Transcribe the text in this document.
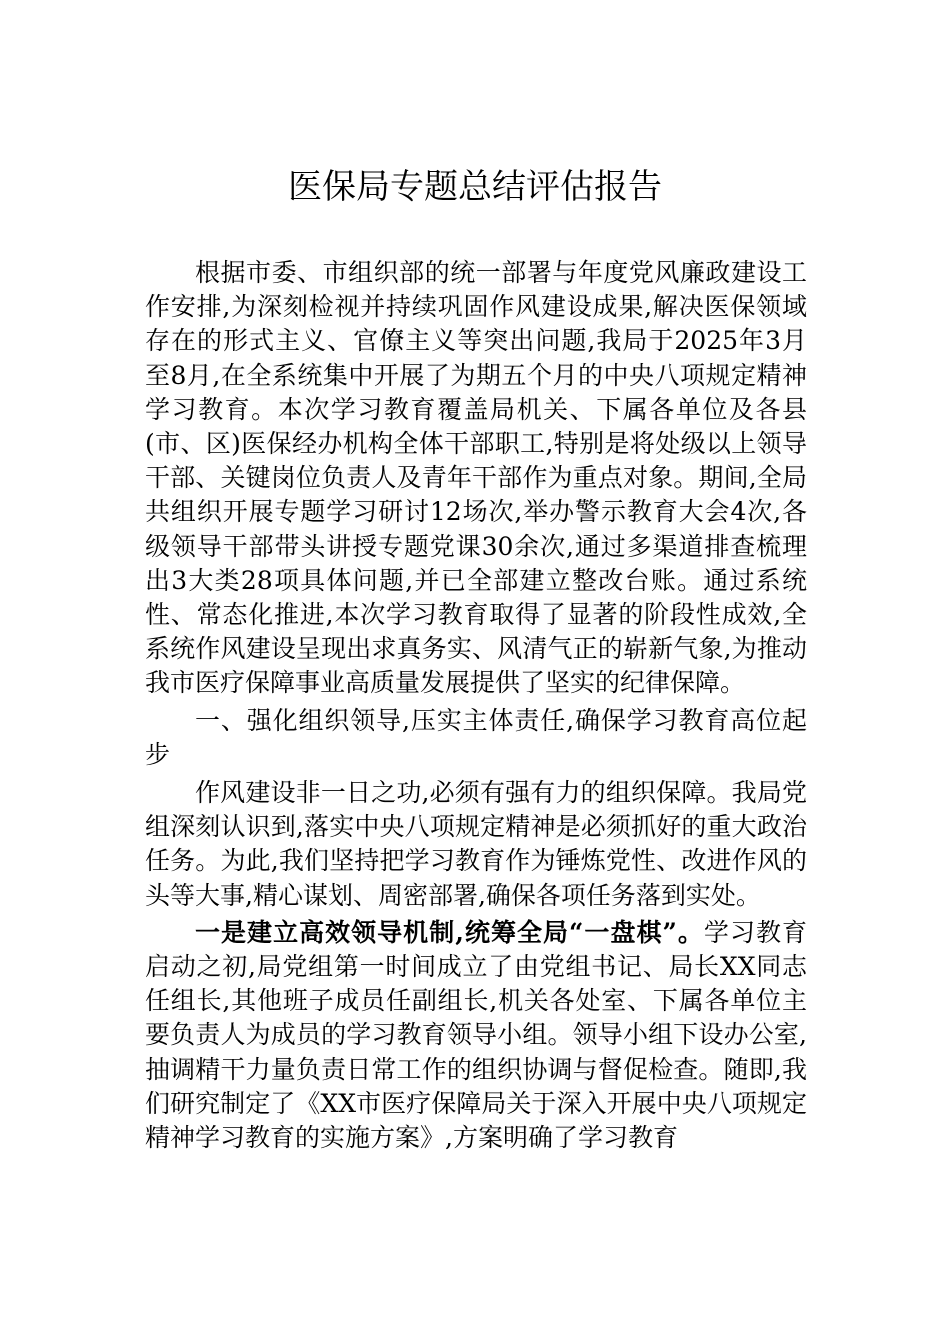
医保局专题总结评估报告

根据市委、市组织部的统一部署与年度党风廉政建设工作安排,为深刻检视并持续巩固作风建设成果,解决医保领域存在的形式主义、官僚主义等突出问题,我局于2025年3月至8月,在全系统集中开展了为期五个月的中央八项规定精神学习教育。本次学习教育覆盖局机关、下属各单位及各县(市、区)医保经办机构全体干部职工,特别是将处级以上领导干部、关键岗位负责人及青年干部作为重点对象。期间,全局共组织开展专题学习研讨12场次,举办警示教育大会4次,各级领导干部带头讲授专题党课30余次,通过多渠道排查梳理出3大类28项具体问题,并已全部建立整改台账。通过系统性、常态化推进,本次学习教育取得了显著的阶段性成效,全系统作风建设呈现出求真务实、风清气正的崭新气象,为推动我市医疗保障事业高质量发展提供了坚实的纪律保障。

一、强化组织领导,压实主体责任,确保学习教育高位起步

作风建设非一日之功,必须有强有力的组织保障。我局党组深刻认识到,落实中央八项规定精神是必须抓好的重大政治任务。为此,我们坚持把学习教育作为锤炼党性、改进作风的头等大事,精心谋划、周密部署,确保各项任务落到实处。

一是建立高效领导机制,统筹全局“一盘棋”。学习教育启动之初,局党组第一时间成立了由党组书记、局长XX同志任组长,其他班子成员任副组长,机关各处室、下属各单位主要负责人为成员的学习教育领导小组。领导小组下设办公室,抽调精干力量负责日常工作的组织协调与督促检查。随即,我们研究制定了《XX市医疗保障局关于深入开展中央八项规定精神学习教育的实施方案》,方案明确了学习教育
